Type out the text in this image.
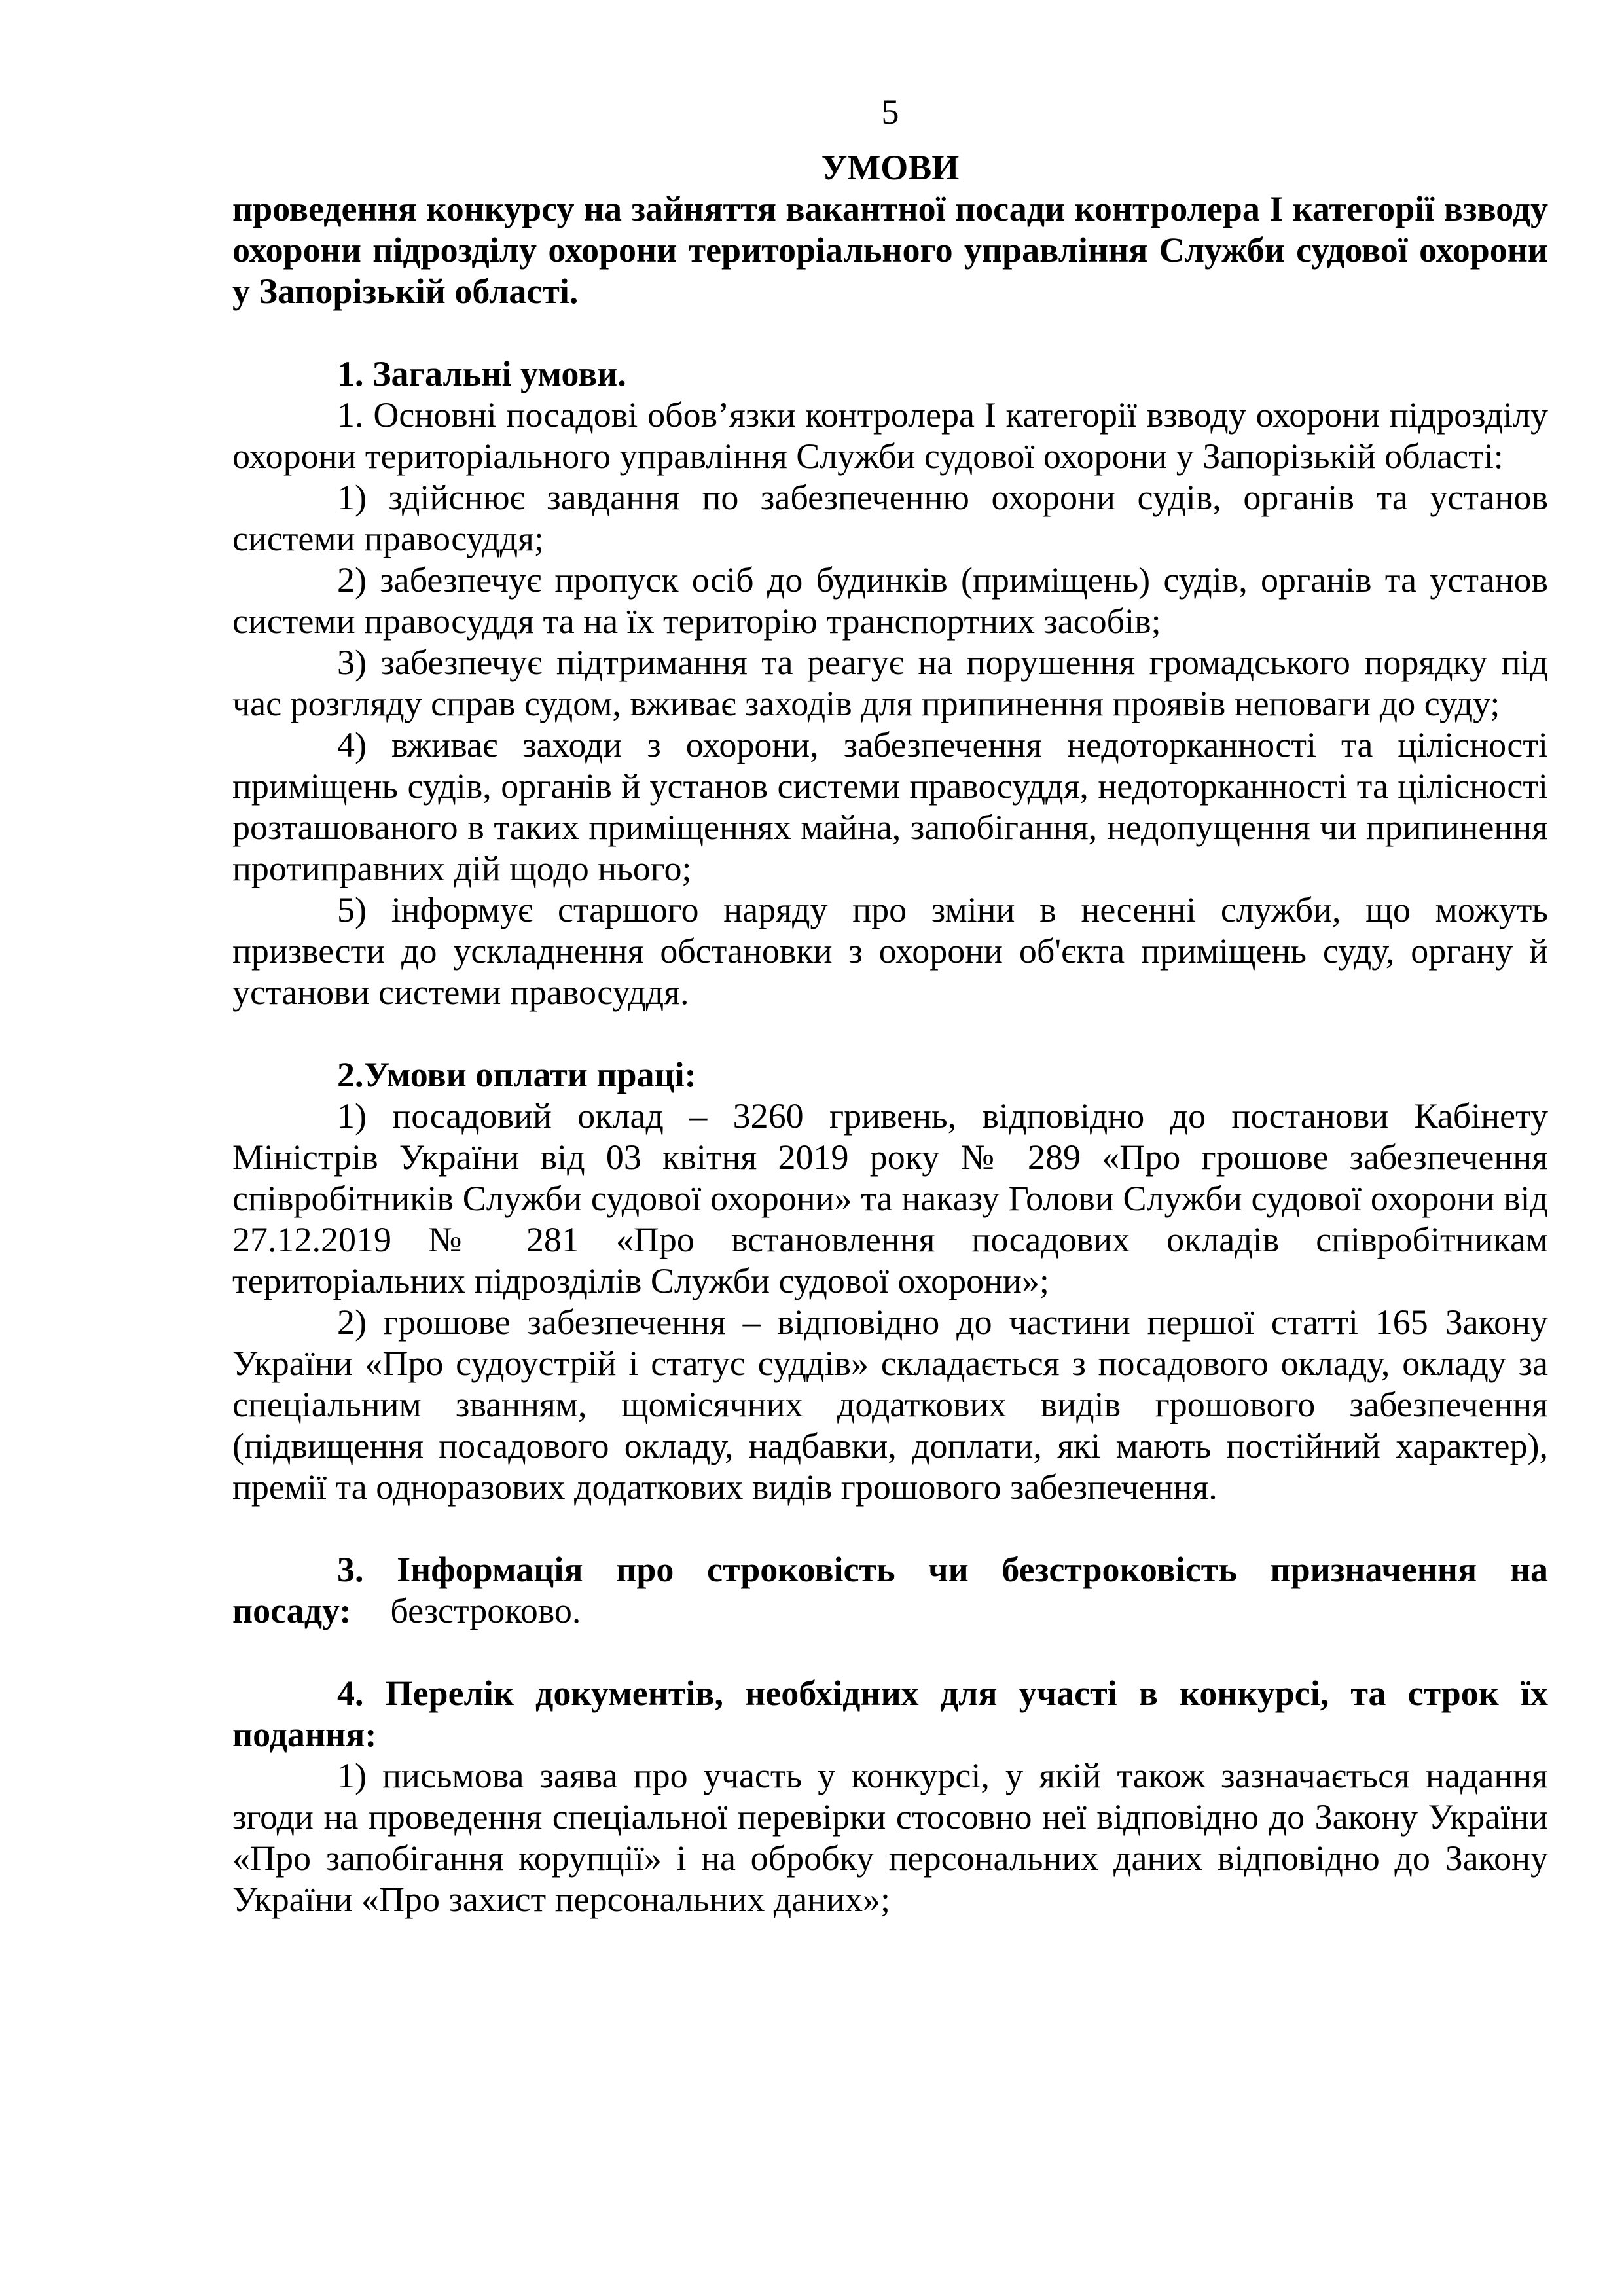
5
УМОВИ
проведення конкурсу на зайняття вакантної посади контролера I категорії взводу охорони підрозділу охорони територіального управління Служби судової охорони у Запорізькій області.
1. Загальні умови.

1. Основні посадові обов’язки контролера I категорії взводу охорони підрозділу охорони територіального управління Служби судової охорони у Запорізькій області:

1) здійснює завдання по забезпеченню охорони судів, органів та установ системи правосуддя;

2) забезпечує пропуск осіб до будинків (приміщень) судів, органів та установ системи правосуддя та на їх територію транспортних засобів;

3) забезпечує підтримання та реагує на порушення громадського порядку під час розгляду справ судом, вживає заходів для припинення проявів неповаги до суду;

4) вживає заходи з охорони, забезпечення недоторканності та цілісності приміщень судів, органів й установ системи правосуддя, недоторканності та цілісності розташованого в таких приміщеннях майна, запобігання, недопущення чи припинення протиправних дій щодо нього;

5) інформує старшого наряду про зміни в несенні служби, що можуть призвести до ускладнення обстановки з охорони об'єкта приміщень суду, органу й установи системи правосуддя.

2.Умови оплати праці:

1) посадовий оклад – 3260 гривень, відповідно до постанови Кабінету Міністрів України від 03 квітня 2019 року № 289 «Про грошове забезпечення співробітників Служби судової охорони» та наказу Голови Служби судової охорони від 27.12.2019 № 281 «Про встановлення посадових окладів співробітникам територіальних підрозділів Служби судової охорони»;

2) грошове забезпечення – відповідно до частини першої статті 165 Закону України «Про судоустрій і статус суддів» складається з посадового окладу, окладу за спеціальним званням, щомісячних додаткових видів грошового забезпечення (підвищення посадового окладу, надбавки, доплати, які мають постійний характер), премії та одноразових додаткових видів грошового забезпечення.

3. Інформація про строковість чи безстроковість призначення на посаду: безстроково.

4. Перелік документів, необхідних для участі в конкурсі, та строк їх подання:

1) письмова заява про участь у конкурсі, у якій також зазначається надання згоди на проведення спеціальної перевірки стосовно неї відповідно до Закону України «Про запобігання корупції» і на обробку персональних даних відповідно до Закону України «Про захист персональних даних»;
